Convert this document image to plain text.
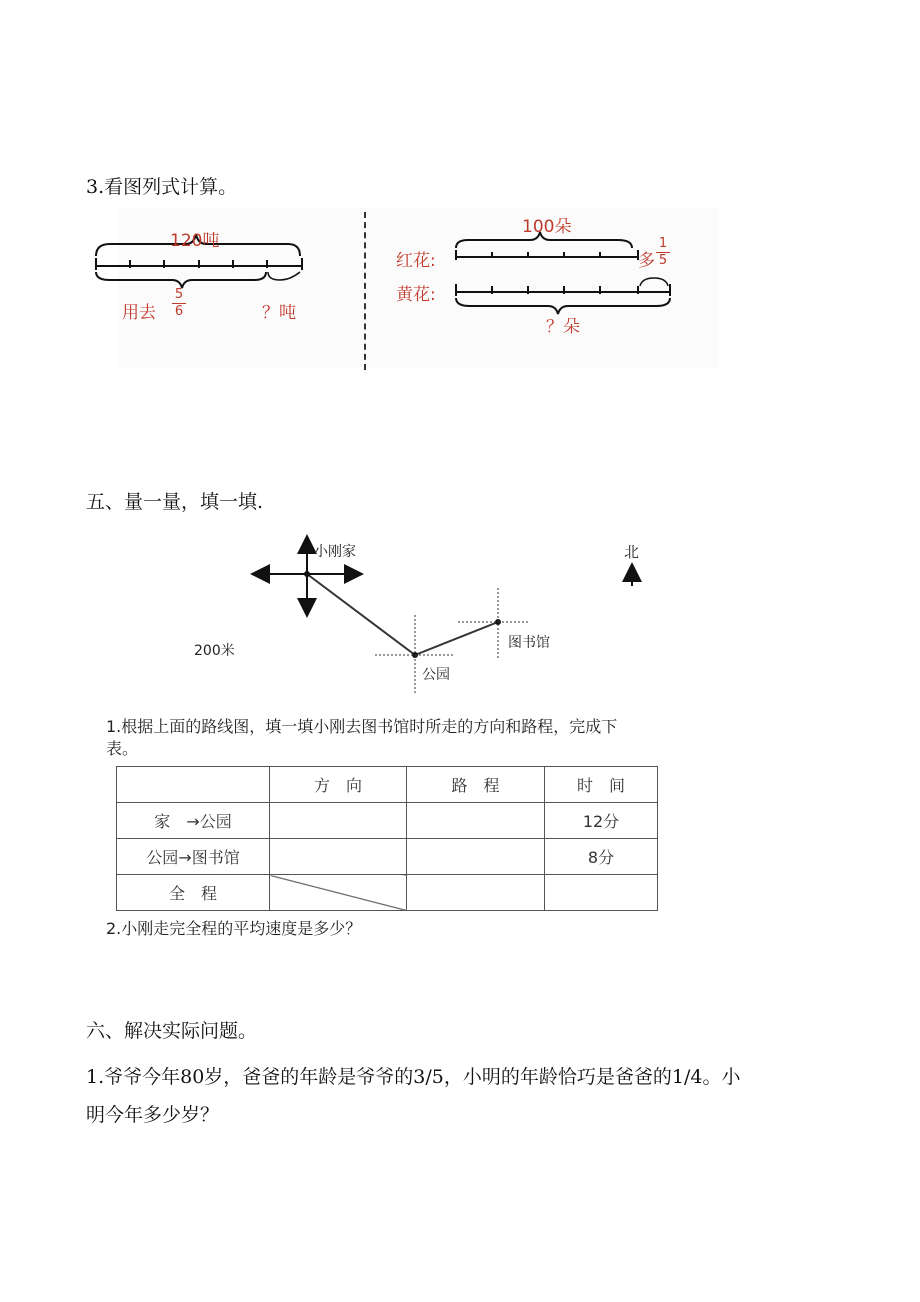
3.看图列式计算。
120吨
用去 $\frac{5}{6}$	？吨
100朵
红花:
黄花:
多 $\frac{1}{5}$
？朵
五、量一量，填一填.
小刚家	北
200米	图书馆
公园
1.根据上面的路线图，填一填小刚去图书馆时所走的方向和路程，完成下
表。
	方　向	路　程	时　间
家　→公园			12分
公园→图书馆			8分
全　程			
2.小刚走完全程的平均速度是多少？
六、解决实际问题。
1.爷爷今年80岁，爸爸的年龄是爷爷的3/5，小明的年龄恰巧是爸爸的1/4。小
明今年多少岁？
